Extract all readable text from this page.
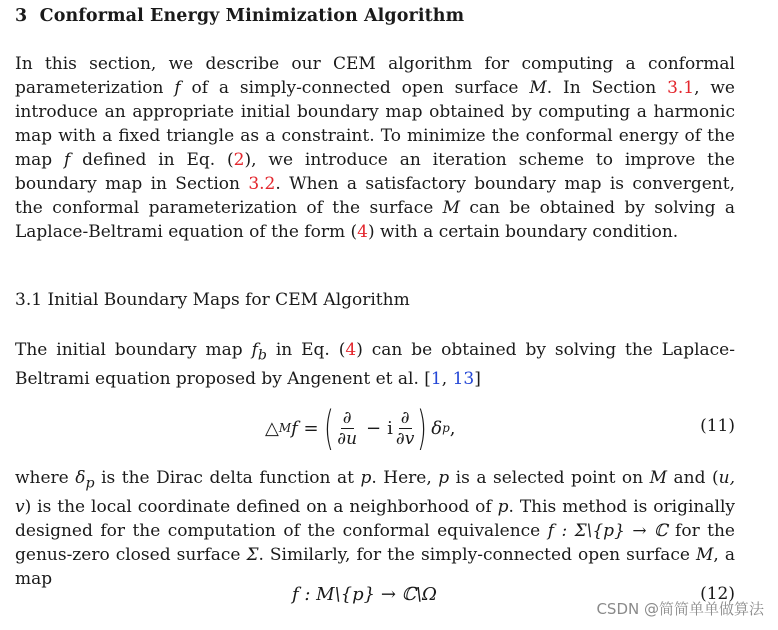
3 Conformal Energy Minimization Algorithm
In this section, we describe our CEM algorithm for computing a conformal parameterization f of a simply-connected open surface M. In Section 3.1, we introduce an appropriate initial boundary map obtained by computing a harmonic map with a fixed triangle as a constraint. To minimize the conformal energy of the map f defined in Eq. (2), we introduce an iteration scheme to improve the boundary map in Section 3.2. When a satisfactory boundary map is convergent, the conformal parameterization of the surface M can be obtained by solving a Laplace-Beltrami equation of the form (4) with a certain boundary condition.
3.1 Initial Boundary Maps for CEM Algorithm
The initial boundary map $f_b$ in Eq. (4) can be obtained by solving the Laplace-Beltrami equation proposed by Angenent et al. [1, 13]
△ M f = ( $\frac{\partial}{\partial u} - i \frac{\partial}{\partial v}$ ) δ p ,	(11)
where $\delta_p$ is the Dirac delta function at p. Here, p is a selected point on M and (u, v) is the local coordinate defined on a neighborhood of p. This method is originally designed for the computation of the conformal equivalence f : Σ\{p} → ℂ for the genus-zero closed surface Σ. Similarly, for the simply-connected open surface M, a map
f : M\{p} → ℂ\Ω	(12)
CSDN @简简单单做算法
